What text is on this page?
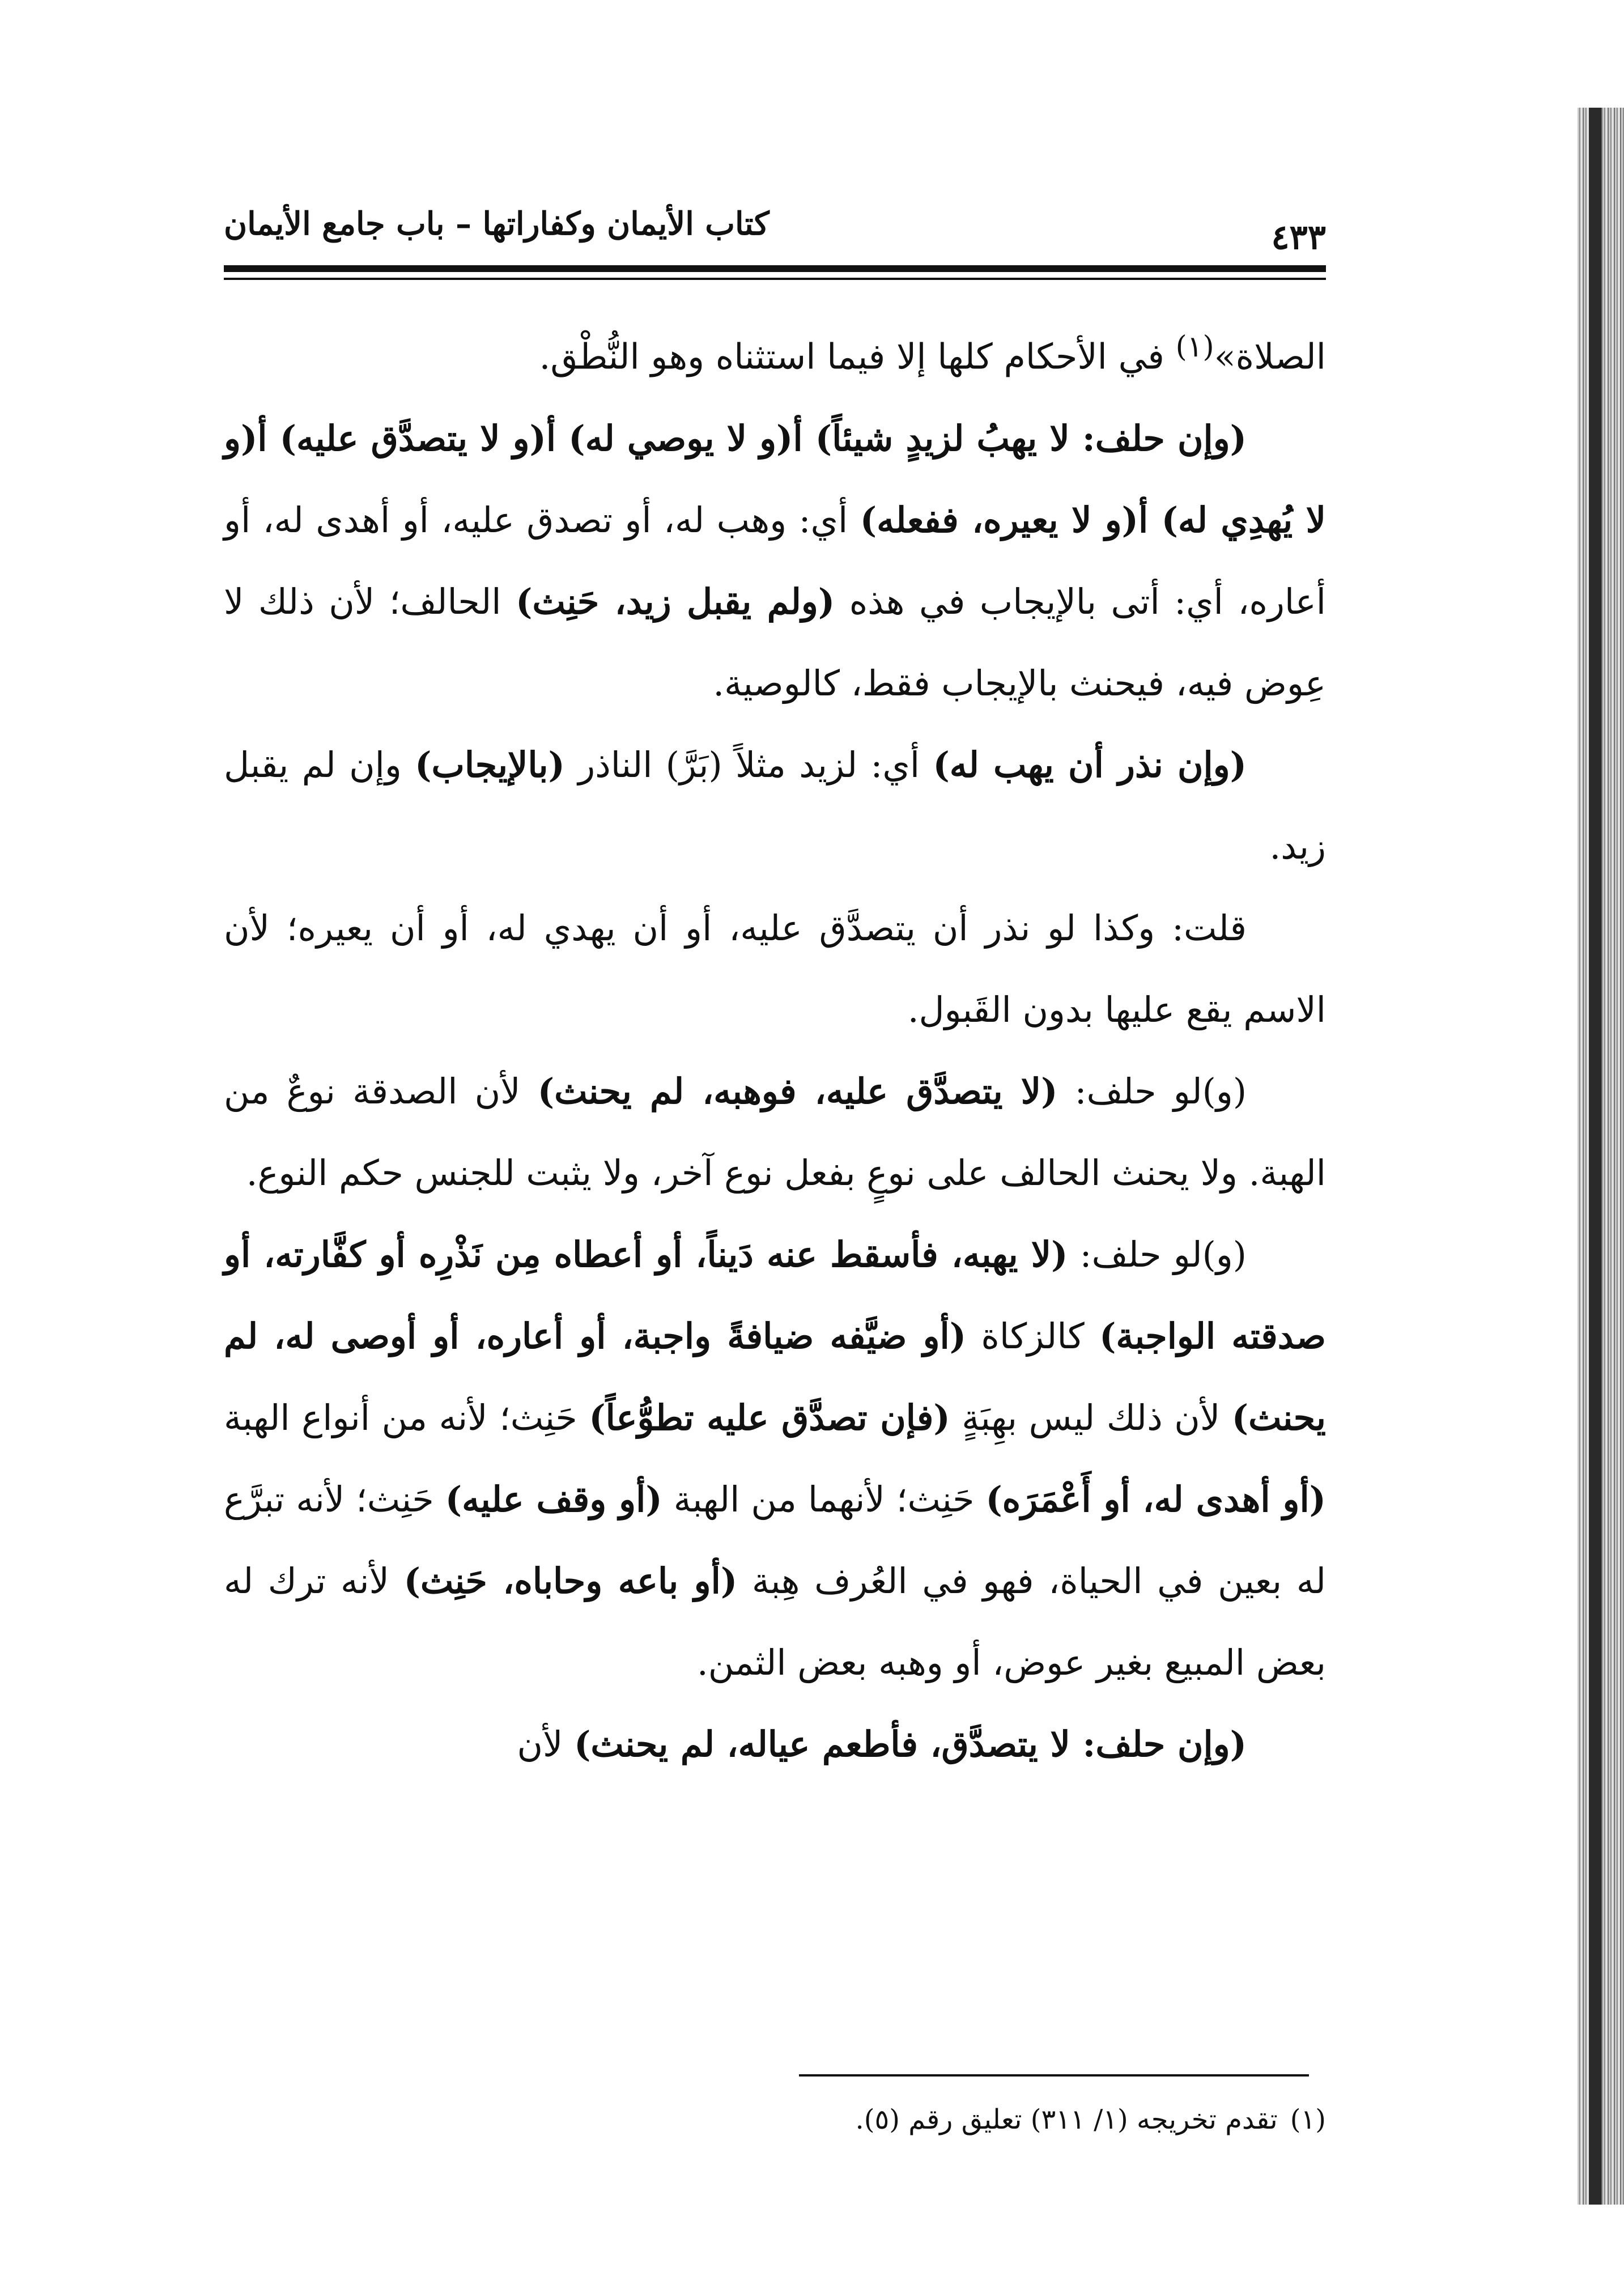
كتاب الأيمان وكفاراتها – باب جامع الأيمان	٤٣٣

الصلاة»$^{(١)}$ في الأحكام كلها إلا فيما استثناه وهو النُّطْق.

(وإن حلف: لا يهبُ لزيدٍ شيئاً) أ(و لا يوصي له) أ(و لا يتصدَّق عليه) أ(و لا يُهدِي له) أ(و لا يعيره، ففعله) أي: وهب له، أو تصدق عليه، أو أهدى له، أو أعاره، أي: أتى بالإيجاب في هذه (ولم يقبل زيد، حَنِث) الحالف؛ لأن ذلك لا عِوض فيه، فيحنث بالإيجاب فقط، كالوصية.

(وإن نذر أن يهب له) أي: لزيد مثلاً (بَرَّ) الناذر (بالإيجاب) وإن لم يقبل زيد.

قلت: وكذا لو نذر أن يتصدَّق عليه، أو أن يهدي له، أو أن يعيره؛ لأن الاسم يقع عليها بدون القَبول.

(و)لو حلف: (لا يتصدَّق عليه، فوهبه، لم يحنث) لأن الصدقة نوعٌ من الهبة. ولا يحنث الحالف على نوعٍ بفعل نوع آخر، ولا يثبت للجنس حكم النوع.

(و)لو حلف: (لا يهبه، فأسقط عنه دَيناً، أو أعطاه مِن نَذْرِه أو كفَّارته، أو صدقته الواجبة) كالزكاة (أو ضيَّفه ضيافةً واجبة، أو أعاره، أو أوصى له، لم يحنث) لأن ذلك ليس بهِبَةٍ (فإن تصدَّق عليه تطوُّعاً) حَنِث؛ لأنه من أنواع الهبة (أو أهدى له، أو أَعْمَرَه) حَنِث؛ لأنهما من الهبة (أو وقف عليه) حَنِث؛ لأنه تبرَّع له بعين في الحياة، فهو في العُرف هِبة (أو باعه وحاباه، حَنِث) لأنه ترك له بعض المبيع بغير عوض، أو وهبه بعض الثمن.

(وإن حلف: لا يتصدَّق، فأطعم عياله، لم يحنث) لأن

(١)تقدم تخريجه (١/ ٣١١) تعليق رقم (٥).
